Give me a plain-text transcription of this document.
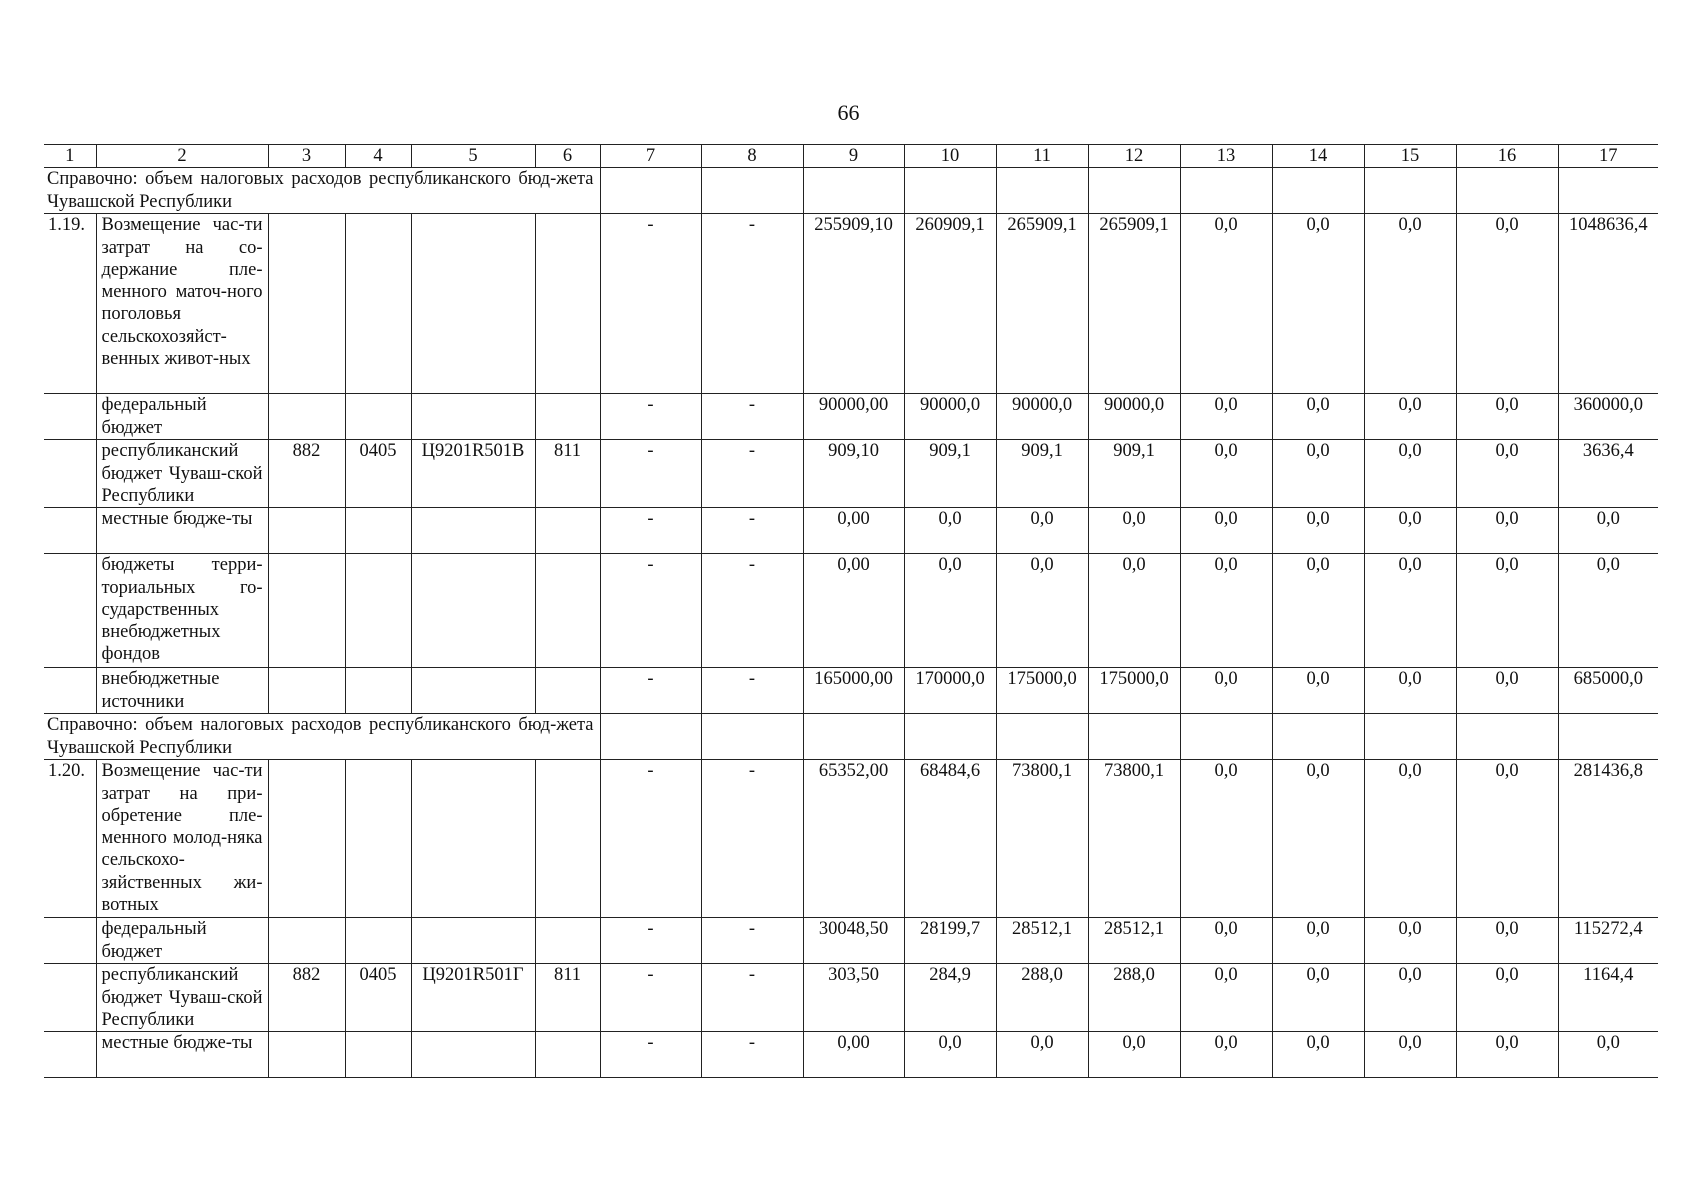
66
1	2	3	4	5	6	7	8	9	10	11	12	13	14	15	16	17
Справочно: объем налоговых расходов республиканского бюд-жета Чувашской Республики																
1.19.	Возмещение час-ти затрат на со-держание пле-менного маточ-ного поголовья сельскохозяйст-венных живот-ных					-	-	255909,10	260909,1	265909,1	265909,1	0,0	0,0	0,0	0,0	1048636,4
	федеральный бюджет					-	-	90000,00	90000,0	90000,0	90000,0	0,0	0,0	0,0	0,0	360000,0
	республиканский бюджет Чуваш-ской Республики	882	0405	Ц9201R501В	811	-	-	909,10	909,1	909,1	909,1	0,0	0,0	0,0	0,0	3636,4
	местные бюдже-ты					-	-	0,00	0,0	0,0	0,0	0,0	0,0	0,0	0,0	0,0
	бюджеты терри-ториальных го-сударственных внебюджетных фондов					-	-	0,00	0,0	0,0	0,0	0,0	0,0	0,0	0,0	0,0
	внебюджетные источники					-	-	165000,00	170000,0	175000,0	175000,0	0,0	0,0	0,0	0,0	685000,0
Справочно: объем налоговых расходов республиканского бюд-жета Чувашской Республики																
1.20.	Возмещение час-ти затрат на при-обретение пле-менного молод-няка сельскохо-зяйственных жи-вотных					-	-	65352,00	68484,6	73800,1	73800,1	0,0	0,0	0,0	0,0	281436,8
	федеральный бюджет					-	-	30048,50	28199,7	28512,1	28512,1	0,0	0,0	0,0	0,0	115272,4
	республиканский бюджет Чуваш-ской Республики	882	0405	Ц9201R501Г	811	-	-	303,50	284,9	288,0	288,0	0,0	0,0	0,0	0,0	1164,4
	местные бюдже-ты					-	-	0,00	0,0	0,0	0,0	0,0	0,0	0,0	0,0	0,0
